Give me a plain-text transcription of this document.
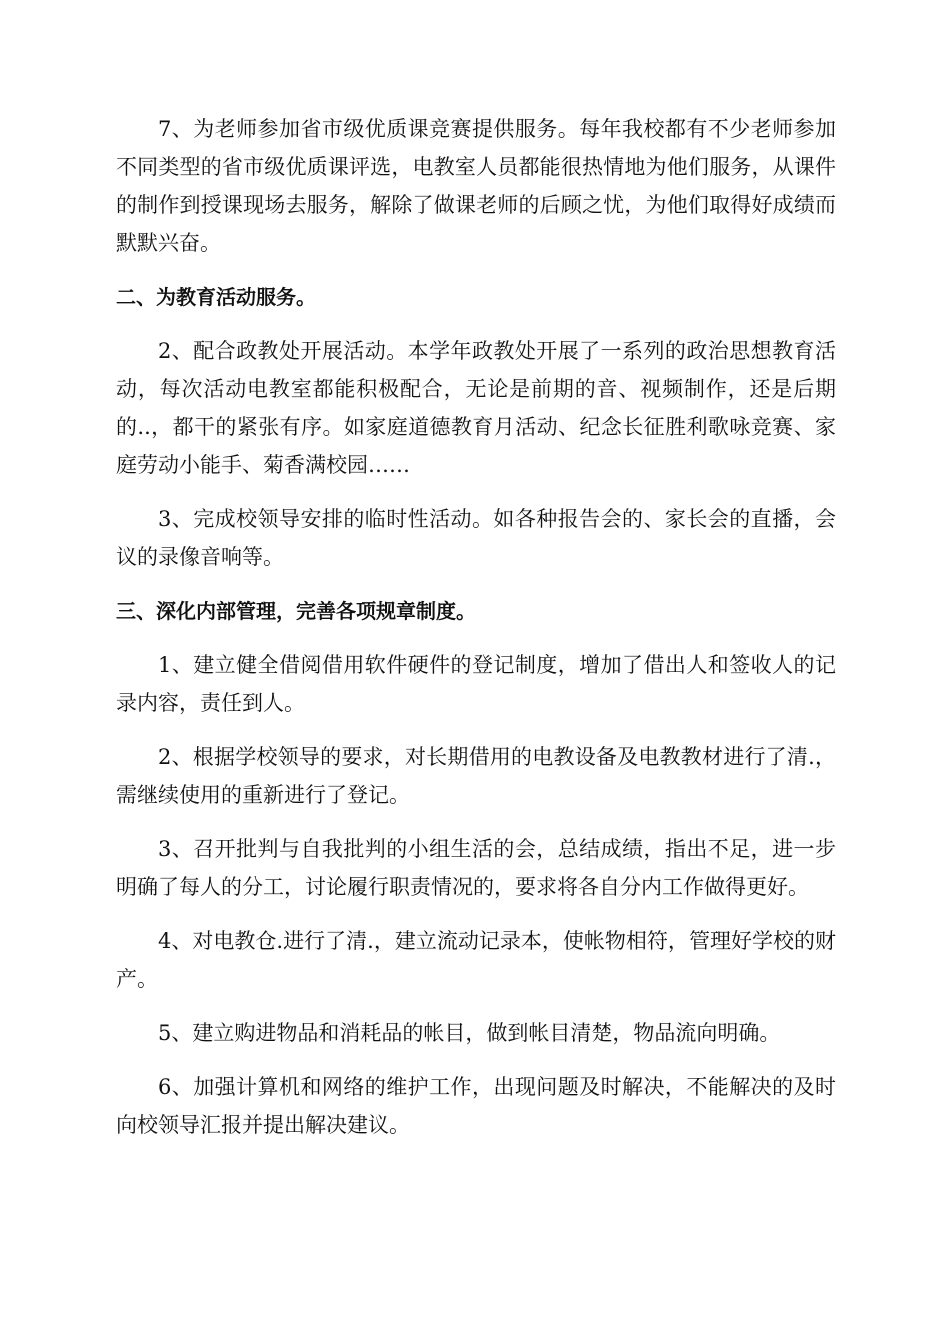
7、为老师参加省市级优质课竞赛提供服务。每年我校都有不少老师参加不同类型的省市级优质课评选，电教室人员都能很热情地为他们服务，从课件的制作到授课现场去服务，解除了做课老师的后顾之忧，为他们取得好成绩而默默兴奋。

二、为教育活动服务。

2、配合政教处开展活动。本学年政教处开展了一系列的政治思想教育活动，每次活动电教室都能积极配合，无论是前期的音、视频制作，还是后期的..，都干的紧张有序。如家庭道德教育月活动、纪念长征胜利歌咏竞赛、家庭劳动小能手、菊香满校园……

3、完成校领导安排的临时性活动。如各种报告会的、家长会的直播，会议的录像音响等。

三、深化内部管理，完善各项规章制度。

1、建立健全借阅借用软件硬件的登记制度，增加了借出人和签收人的记录内容，责任到人。

2、根据学校领导的要求，对长期借用的电教设备及电教教材进行了清.，需继续使用的重新进行了登记。

3、召开批判与自我批判的小组生活的会，总结成绩，指出不足，进一步明确了每人的分工，讨论履行职责情况的，要求将各自分内工作做得更好。

4、对电教仓.进行了清.，建立流动记录本，使帐物相符，管理好学校的财产。

5、建立购进物品和消耗品的帐目，做到帐目清楚，物品流向明确。

6、加强计算机和网络的维护工作，出现问题及时解决，不能解决的及时向校领导汇报并提出解决建议。
